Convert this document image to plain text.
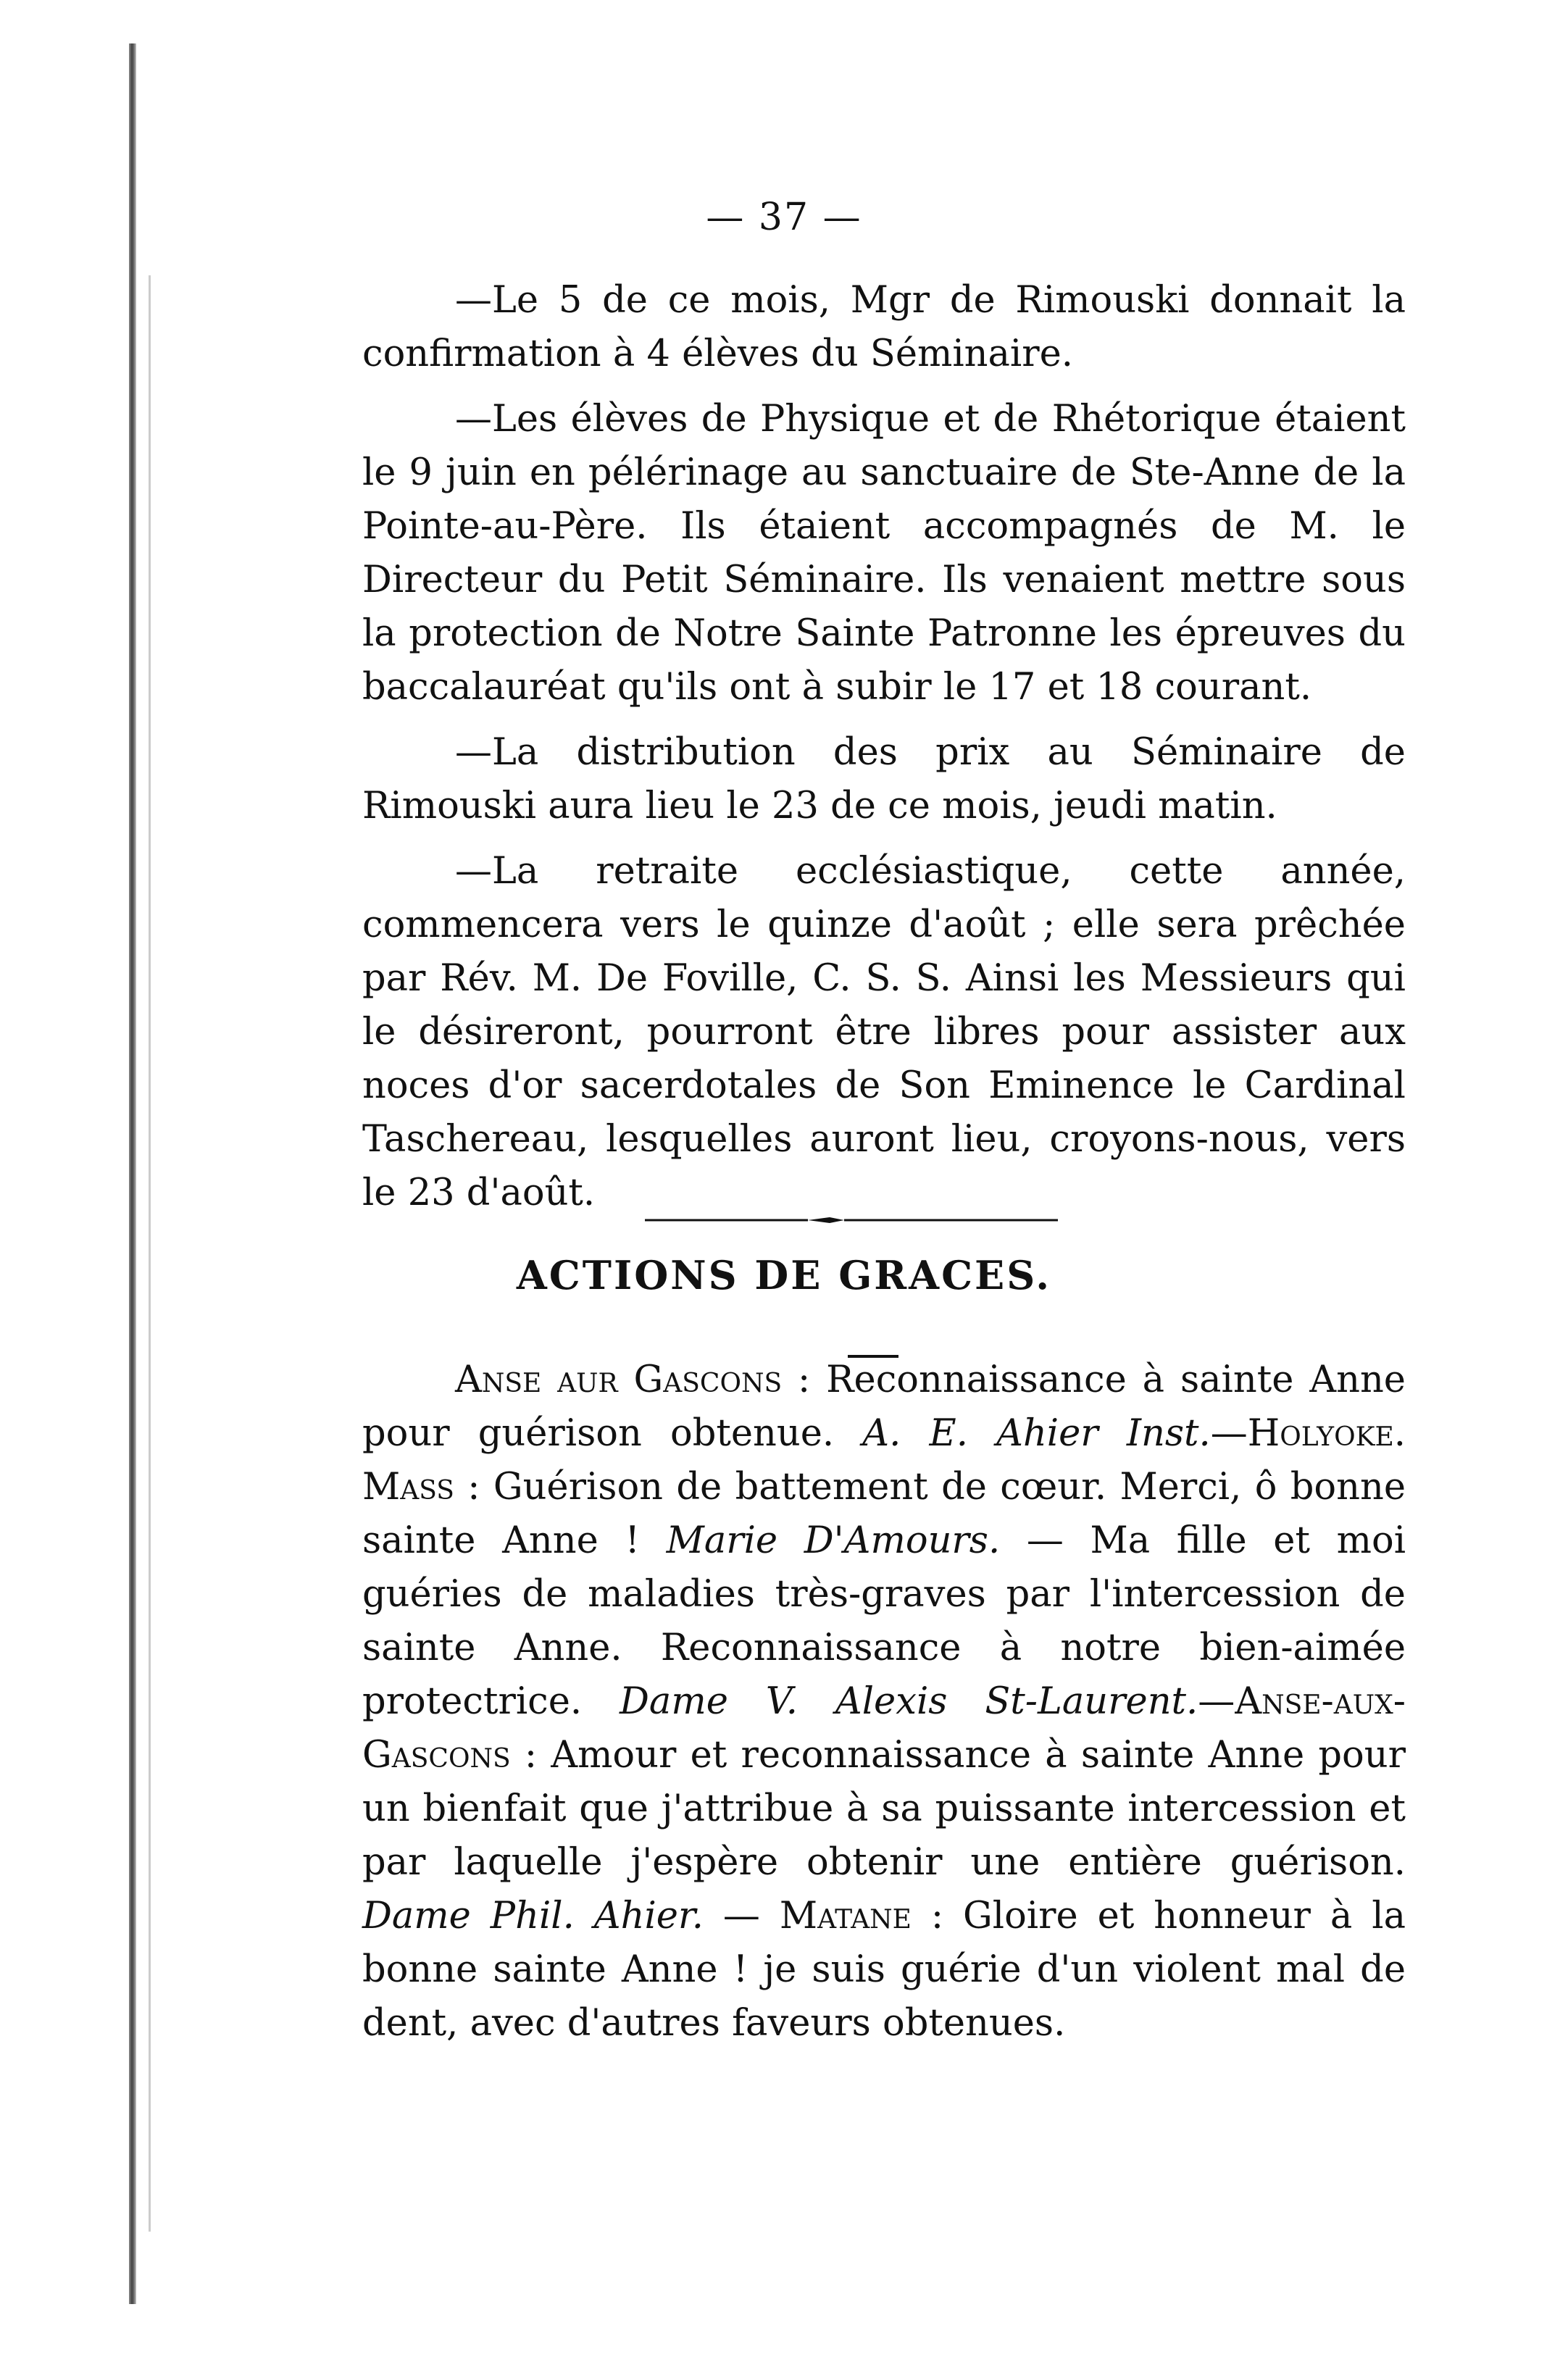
— 37 —

—Le 5 de ce mois, Mgr de Rimouski donnait la confirmation à 4 élèves du Séminaire.

—Les élèves de Physique et de Rhétorique étaient le 9 juin en pélérinage au sanctuaire de Ste-Anne de la Pointe-au-Père. Ils étaient accompagnés de M. le Directeur du Petit Séminaire. Ils venaient mettre sous la protection de Notre Sainte Patronne les épreuves du baccalauréat qu'ils ont à subir le 17 et 18 courant.

—La distribution des prix au Séminaire de Rimouski aura lieu le 23 de ce mois, jeudi matin.

—La retraite ecclésiastique, cette année, commencera vers le quinze d'août ; elle sera prêchée par Rév. M. De Foville, C. S. S. Ainsi les Messieurs qui le désireront, pourront être libres pour assister aux noces d'or sacerdotales de Son Eminence le Cardinal Taschereau, lesquelles auront lieu, croyons-nous, vers le 23 d'août.

ACTIONS DE GRACES.

Anse aur Gascons : Reconnaissance à sainte Anne pour guérison obtenue. A. E. Ahier Inst.—Holyoke. Mass : Guérison de battement de cœur. Merci, ô bonne sainte Anne ! Marie D'Amours. — Ma fille et moi guéries de maladies très-graves par l'intercession de sainte Anne. Reconnaissance à notre bien-aimée protectrice. Dame V. Alexis St-Laurent.—Anse-aux-Gascons : Amour et reconnaissance à sainte Anne pour un bienfait que j'attribue à sa puissante intercession et par laquelle j'espère obtenir une entière guérison. Dame Phil. Ahier. — Matane : Gloire et honneur à la bonne sainte Anne ! je suis guérie d'un violent mal de dent, avec d'autres faveurs obtenues.
